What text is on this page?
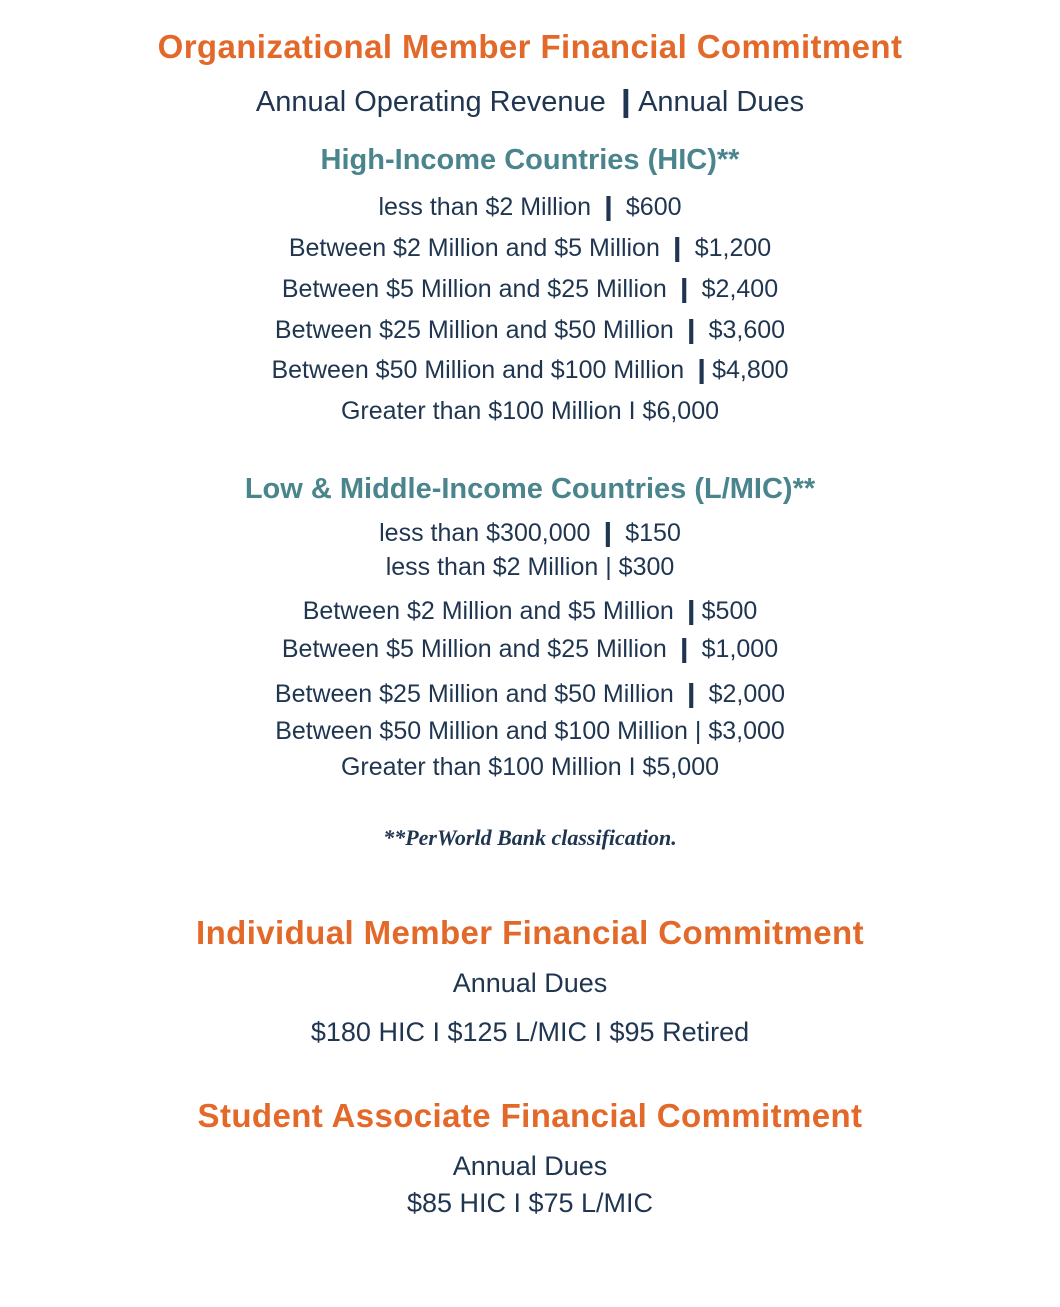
Organizational Member Financial Commitment
Annual Operating Revenue ❙Annual Dues
High-Income Countries (HIC)**
less than $2 Million ❙ $600
Between $2 Million and $5 Million ❙ $1,200
Between $5 Million and $25 Million ❙ $2,400
Between $25 Million and $50 Million ❙ $3,600
Between $50 Million and $100 Million ❙$4,800
Greater than $100 Million I $6,000
Low & Middle-Income Countries (L/MIC)**
less than $300,000 ❙ $150
less than $2 Million | $300
Between $2 Million and $5 Million ❙$500
Between $5 Million and $25 Million ❙ $1,000
Between $25 Million and $50 Million ❙ $2,000
Between $50 Million and $100 Million | $3,000
Greater than $100 Million I $5,000
**PerWorld Bank classification.
Individual Member Financial Commitment
Annual Dues
$180 HIC I $125 L/MIC I $95 Retired
Student Associate Financial Commitment
Annual Dues
$85 HIC I $75 L/MIC
